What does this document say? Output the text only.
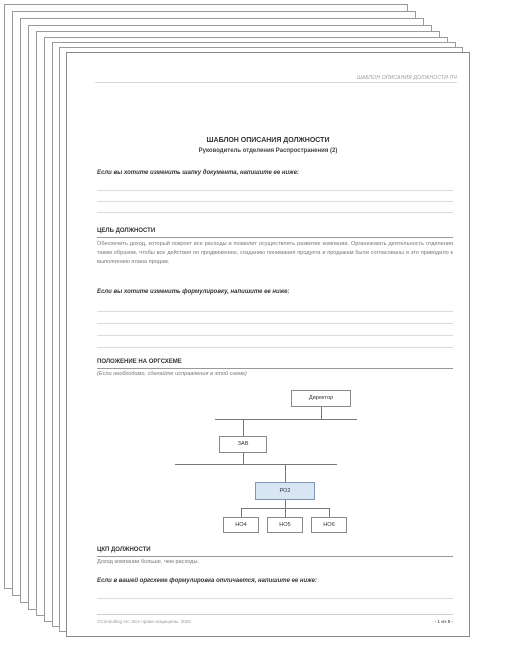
ШАБЛОН ОПИСАНИЯ ДОЛЖНОСТИ ПЧ
ШАБЛОН ОПИСАНИЯ ДОЛЖНОСТИ
Руководитель отделения Распространения (2)
Если вы хотите изменить шапку документа, напишите ее ниже:
ЦЕЛЬ ДОЛЖНОСТИ
Обеспечить доход, который покроет все расходы и позволит осуществлять развитие компании. Организовать деятельность отделения таким образом, чтобы все действия по продвижению, созданию понимания продукта и продажам были согласованы и это приводило к выполнению плана продаж.
Если вы хотите изменить формулировку, напишите ее ниже:
ПОЛОЖЕНИЕ НА ОРГСХЕМЕ
(Если необходимо, сделайте исправления в этой схеме)
Директор
ЗАВ
РО2
НО4	НО5	НО6
ЦКП ДОЛЖНОСТИ
Доход компании больше, чем расходы.
Если в вашей оргсхеме формулировка отличается, напишите ее ниже:
©Consulting Inc. Все права защищены. 2020	- 1 из 8 -
